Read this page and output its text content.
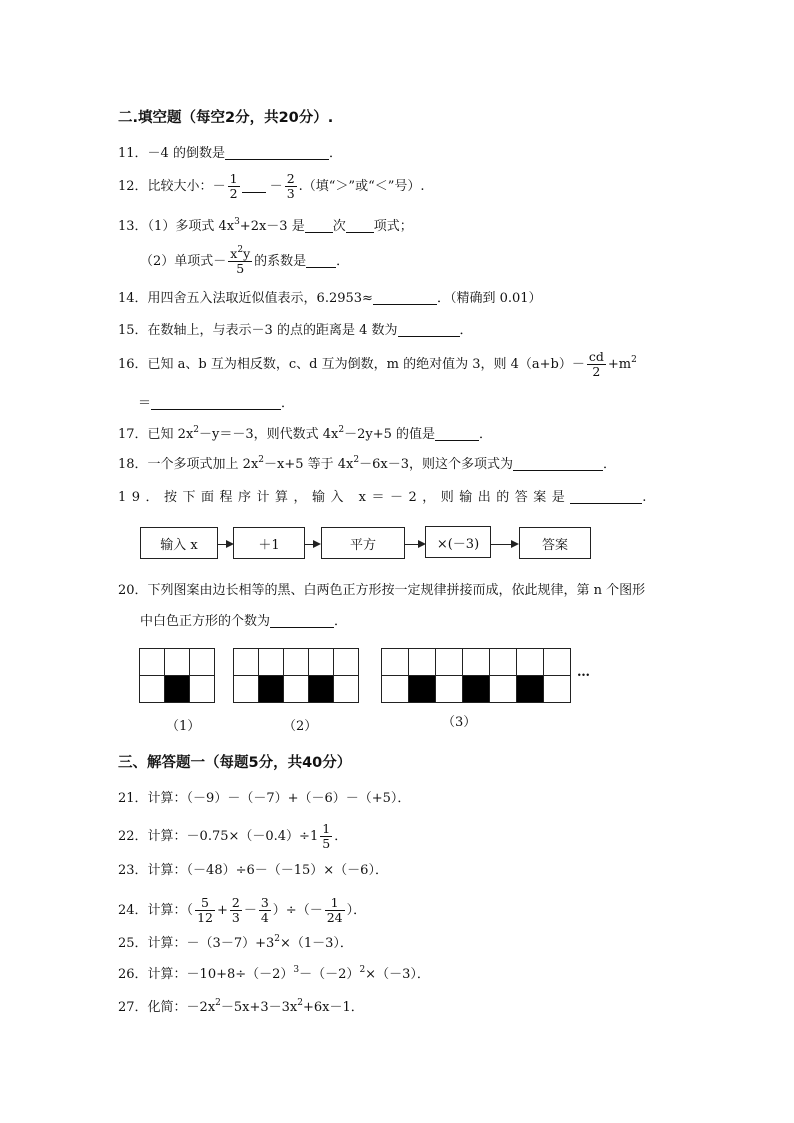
二.填空题（每空2分，共20分）.
11．－4 的倒数是	．
12．比较大小：－ $\frac{1}{2} - \frac{2}{3}$ .（填“＞”或“＜”号）.
13．（1）多项式 $4x^3+2x-3$ 是 次 项式；
（2）单项式－ $\frac{x^2y}{5}$ 的系数是 ．
14．用四舍五入法取近似值表示，6.2953≈	．（精确到 0.01）
15．在数轴上，与表示－3 的点的距离是 4 数为	．
16．已知 a、b 互为相反数，c、d 互为倒数，m 的绝对值为 3，则 $4(a+b)- \frac{cd}{2} +m^2$
＝	．
17．已知 $2x^2-y=-3$，则代数式 $4x^2-2y+5$ 的值是	．
18．一个多项式加上 $2x^2-x+5$ 等于 $4x^2-6x-3$，则这个多项式为	．
19．按下面程序计算，输入 x＝－2，则输出的答案是	.
输入 x	＋1	平方	×(－3)	答案
20．下列图案由边长相等的黑、白两色正方形按一定规律拼接而成，依此规律，第 n 个图形
中白色正方形的个数为	．

…
（1）	（2）	（3）
三、解答题一（每题5分，共40分）
21．计算：（－9）－（－7）+（－6）－（+5）．
22．计算：$-0.75\times(-0.4)\div 1 \frac{1}{5}$ ．
23．计算：（－48）÷6－（－15）×（－6）．
24．计算：（ $\frac{5}{12} + \frac{2}{3} - \frac{3}{4}$ ）÷（－ $\frac{1}{24}$ ）．
25．计算：$-(3-7)+3^2\times(1-3)$．
26．计算：$-10+8\div(-2)^3-(-2)^2\times(-3)$．
27．化简：$-2x^2-5x+3-3x^2+6x-1$．
